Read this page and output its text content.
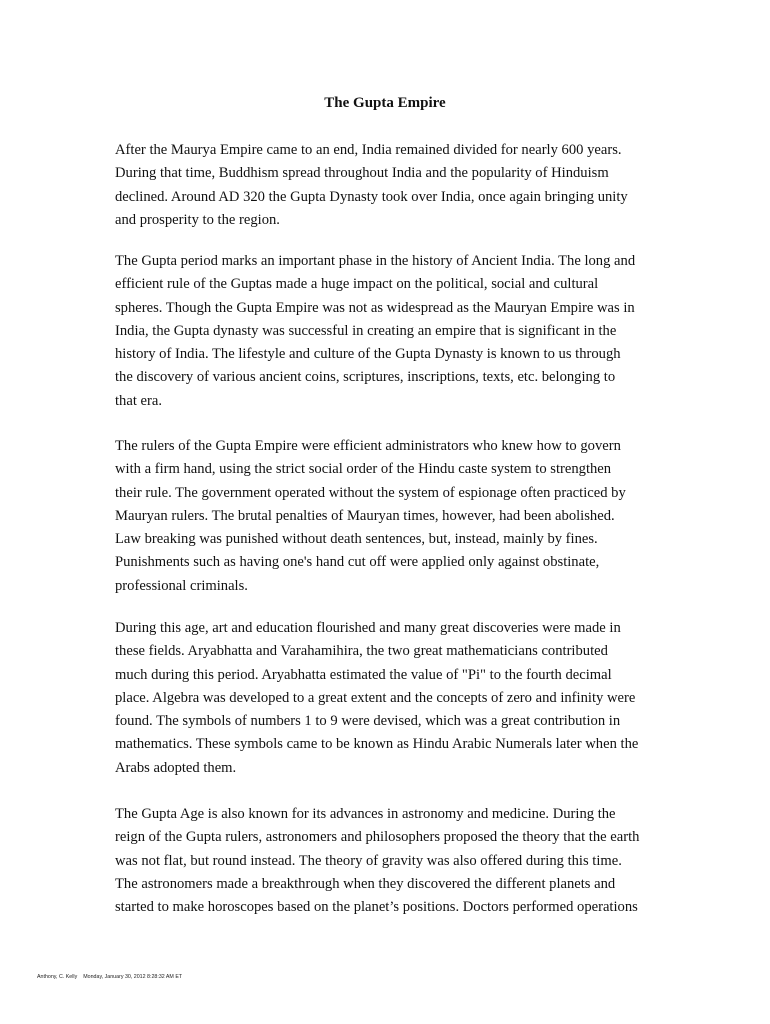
The Gupta Empire

After the Maurya Empire came to an end, India remained divided for nearly 600 years.
During that time, Buddhism spread throughout India and the popularity of Hinduism
declined. Around AD 320 the Gupta Dynasty took over India, once again bringing unity
and prosperity to the region.

The Gupta period marks an important phase in the history of Ancient India. The long and
efficient rule of the Guptas made a huge impact on the political, social and cultural
spheres. Though the Gupta Empire was not as widespread as the Mauryan Empire was in
India, the Gupta dynasty was successful in creating an empire that is significant in the
history of India. The lifestyle and culture of the Gupta Dynasty is known to us through
the discovery of various ancient coins, scriptures, inscriptions, texts, etc. belonging to
that era.

The rulers of the Gupta Empire were efficient administrators who knew how to govern
with a firm hand, using the strict social order of the Hindu caste system to strengthen
their rule. The government operated without the system of espionage often practiced by
Mauryan rulers. The brutal penalties of Mauryan times, however, had been abolished.
Law breaking was punished without death sentences, but, instead, mainly by fines.
Punishments such as having one's hand cut off were applied only against obstinate,
professional criminals.

During this age, art and education flourished and many great discoveries were made in
these fields. Aryabhatta and Varahamihira, the two great mathematicians contributed
much during this period. Aryabhatta estimated the value of "Pi" to the fourth decimal
place. Algebra was developed to a great extent and the concepts of zero and infinity were
found. The symbols of numbers 1 to 9 were devised, which was a great contribution in
mathematics. These symbols came to be known as Hindu Arabic Numerals later when the
Arabs adopted them.

The Gupta Age is also known for its advances in astronomy and medicine. During the
reign of the Gupta rulers, astronomers and philosophers proposed the theory that the earth
was not flat, but round instead. The theory of gravity was also offered during this time.
The astronomers made a breakthrough when they discovered the different planets and
started to make horoscopes based on the planet’s positions. Doctors performed operations

Anthony, C. Kelly Monday, January 30, 2012 8:28:32 AM ET
